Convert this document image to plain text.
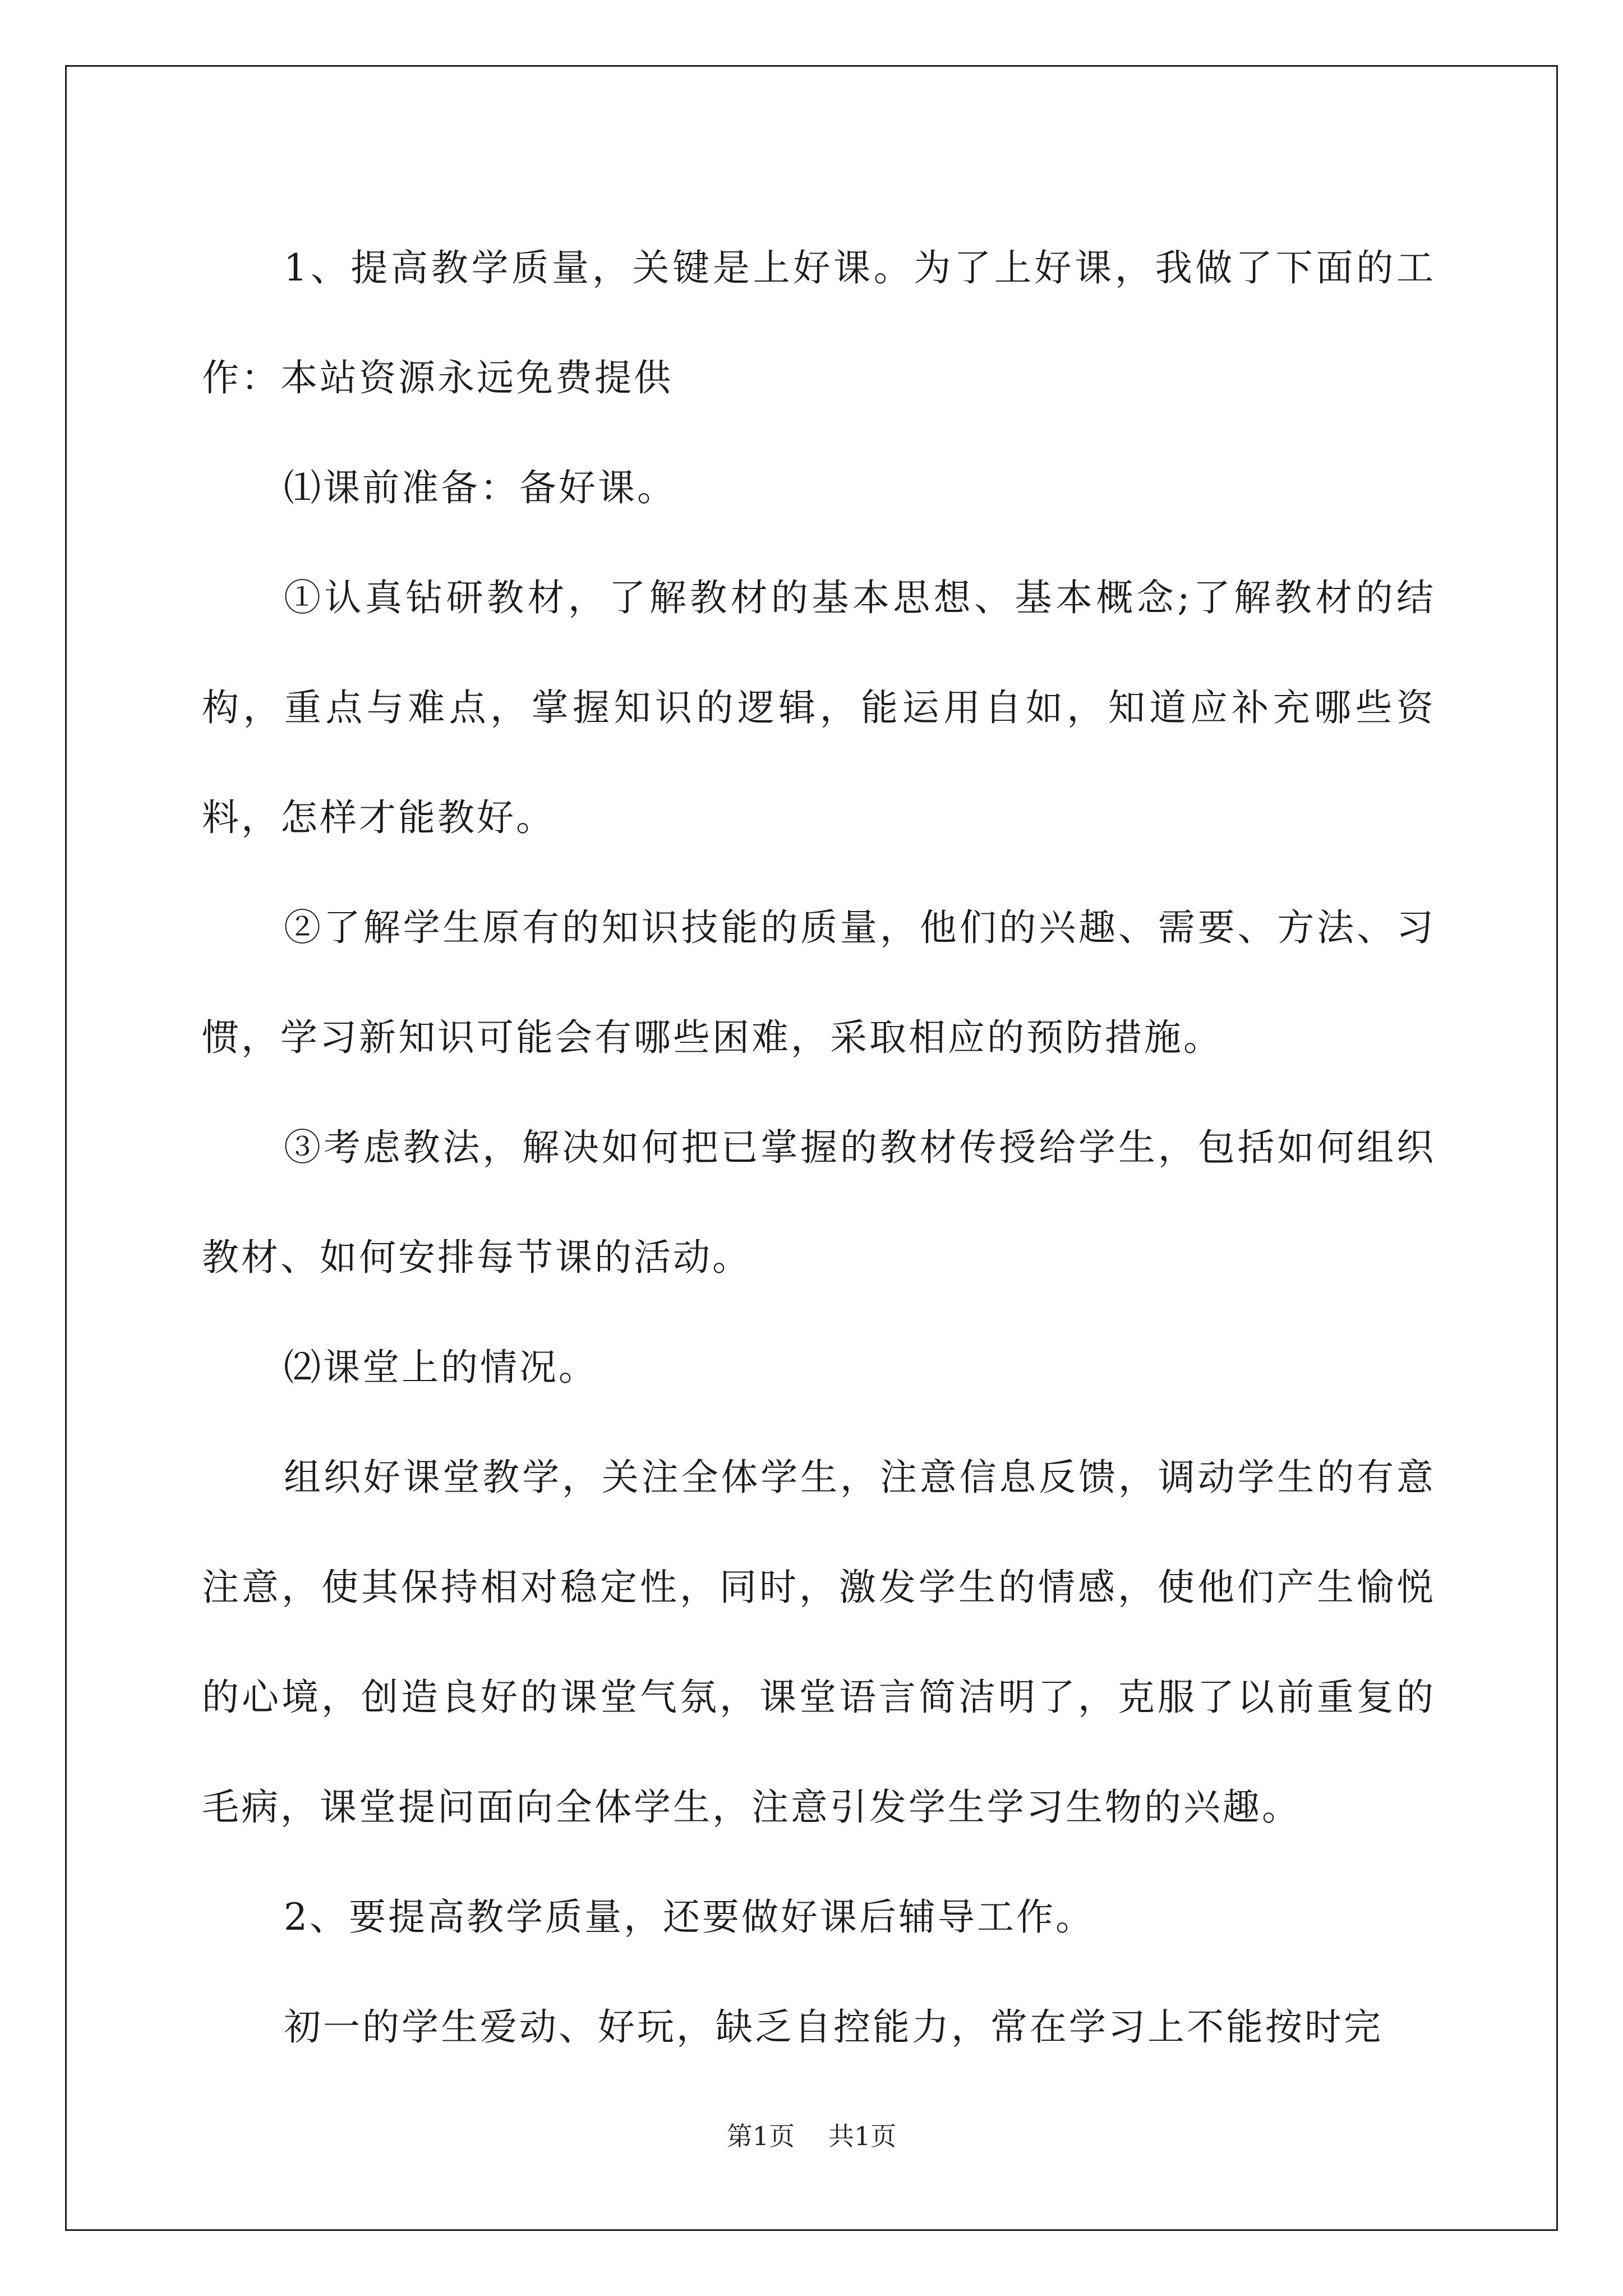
1、提高教学质量，关键是上好课。为了上好课，我做了下面的工作：本站资源永远免费提供

⑴课前准备：备好课。

①认真钻研教材，了解教材的基本思想、基本概念;了解教材的结构，重点与难点，掌握知识的逻辑，能运用自如，知道应补充哪些资料，怎样才能教好。

②了解学生原有的知识技能的质量，他们的兴趣、需要、方法、习惯，学习新知识可能会有哪些困难，采取相应的预防措施。

③考虑教法，解决如何把已掌握的教材传授给学生，包括如何组织教材、如何安排每节课的活动。

⑵课堂上的情况。

组织好课堂教学，关注全体学生，注意信息反馈，调动学生的有意注意，使其保持相对稳定性，同时，激发学生的情感，使他们产生愉悦的心境，创造良好的课堂气氛，课堂语言简洁明了，克服了以前重复的毛病，课堂提问面向全体学生，注意引发学生学习生物的兴趣。

2、要提高教学质量，还要做好课后辅导工作。

初一的学生爱动、好玩，缺乏自控能力，常在学习上不能按时完

第1页 共1页
